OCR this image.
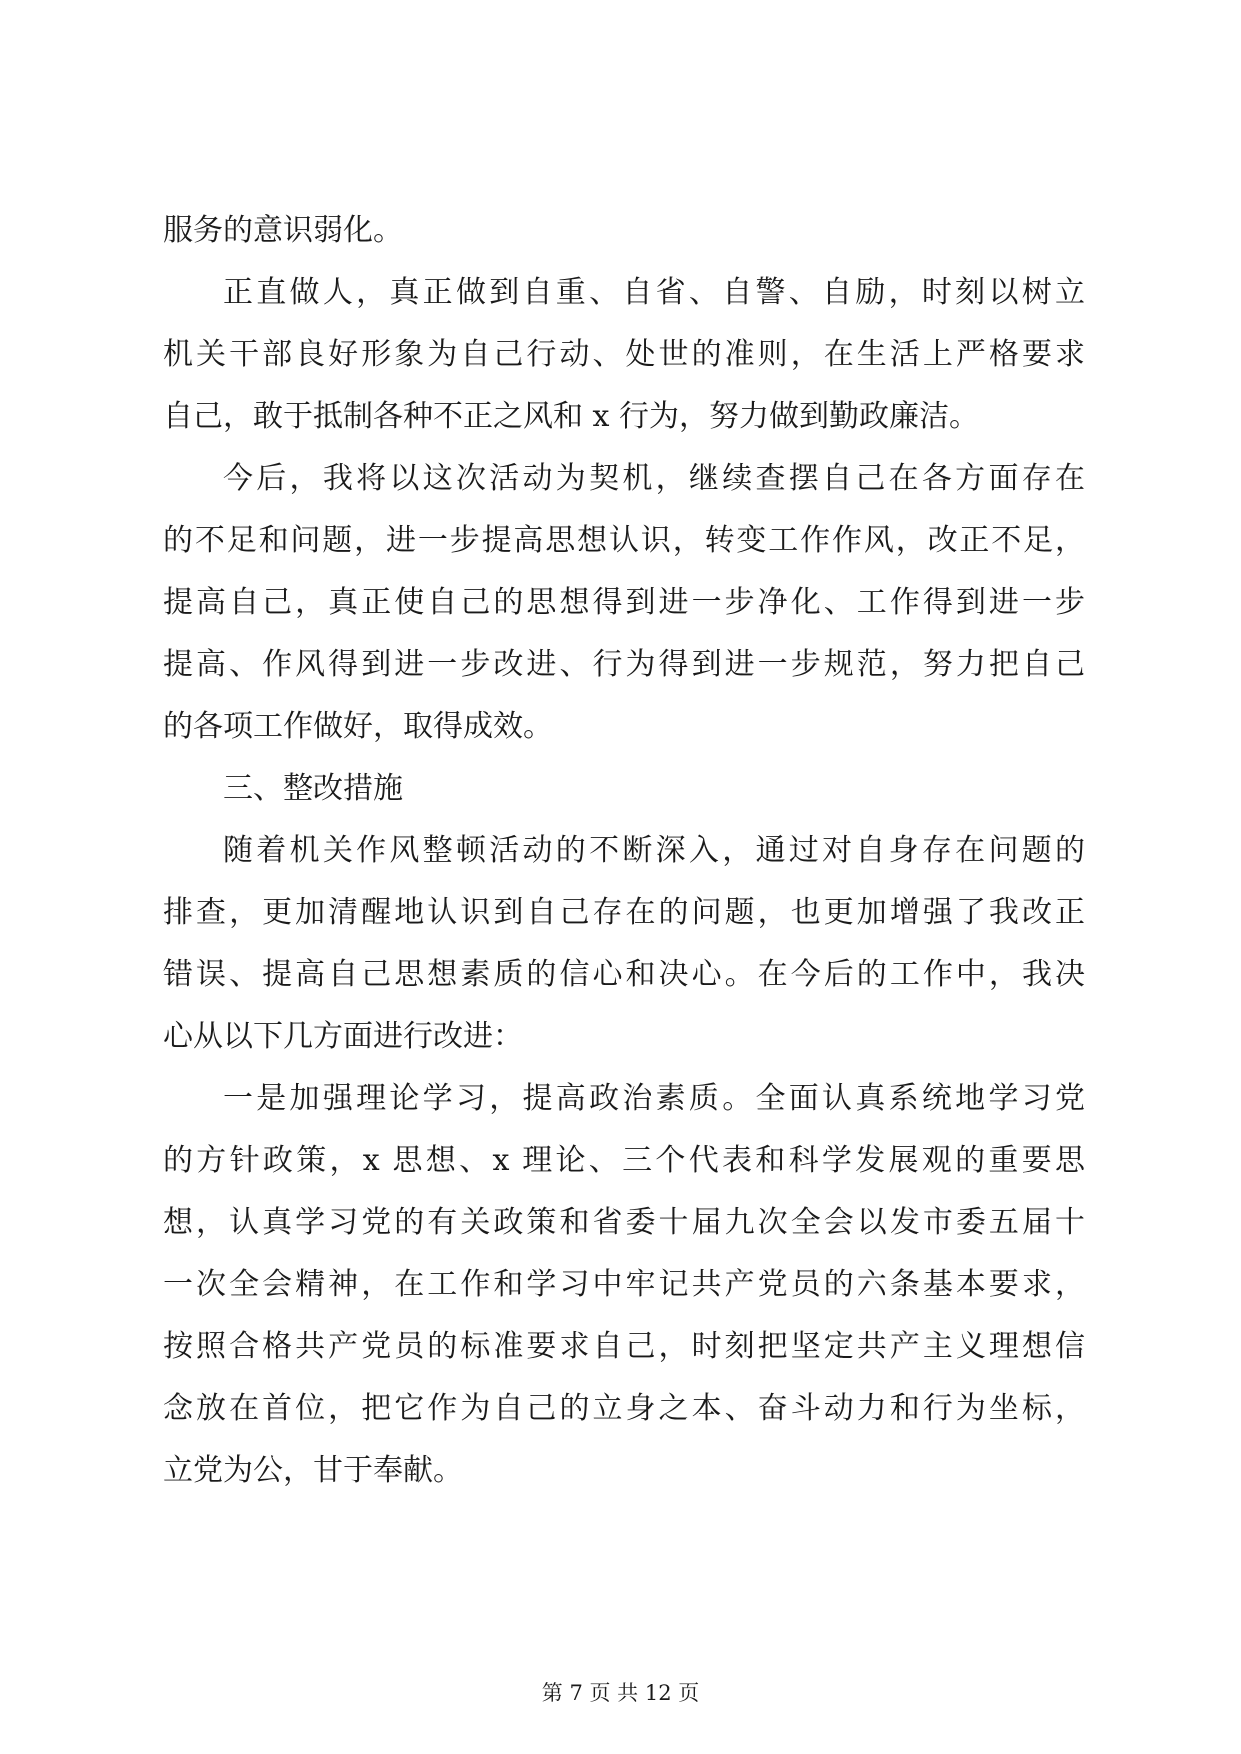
服务的意识弱化。
正直做人，真正做到自重、自省、自警、自励，时刻以树立
机关干部良好形象为自己行动、处世的准则，在生活上严格要求
自己，敢于抵制各种不正之风和 x 行为，努力做到勤政廉洁。
今后，我将以这次活动为契机，继续查摆自己在各方面存在
的不足和问题，进一步提高思想认识，转变工作作风，改正不足，
提高自己，真正使自己的思想得到进一步净化、工作得到进一步
提高、作风得到进一步改进、行为得到进一步规范，努力把自己
的各项工作做好，取得成效。
三、整改措施
随着机关作风整顿活动的不断深入，通过对自身存在问题的
排查，更加清醒地认识到自己存在的问题，也更加增强了我改正
错误、提高自己思想素质的信心和决心。在今后的工作中，我决
心从以下几方面进行改进：
一是加强理论学习，提高政治素质。全面认真系统地学习党
的方针政策，x 思想、x 理论、三个代表和科学发展观的重要思
想，认真学习党的有关政策和省委十届九次全会以发市委五届十
一次全会精神，在工作和学习中牢记共产党员的六条基本要求，
按照合格共产党员的标准要求自己，时刻把坚定共产主义理想信
念放在首位，把它作为自己的立身之本、奋斗动力和行为坐标，
立党为公，甘于奉献。
第 7 页 共 12 页
